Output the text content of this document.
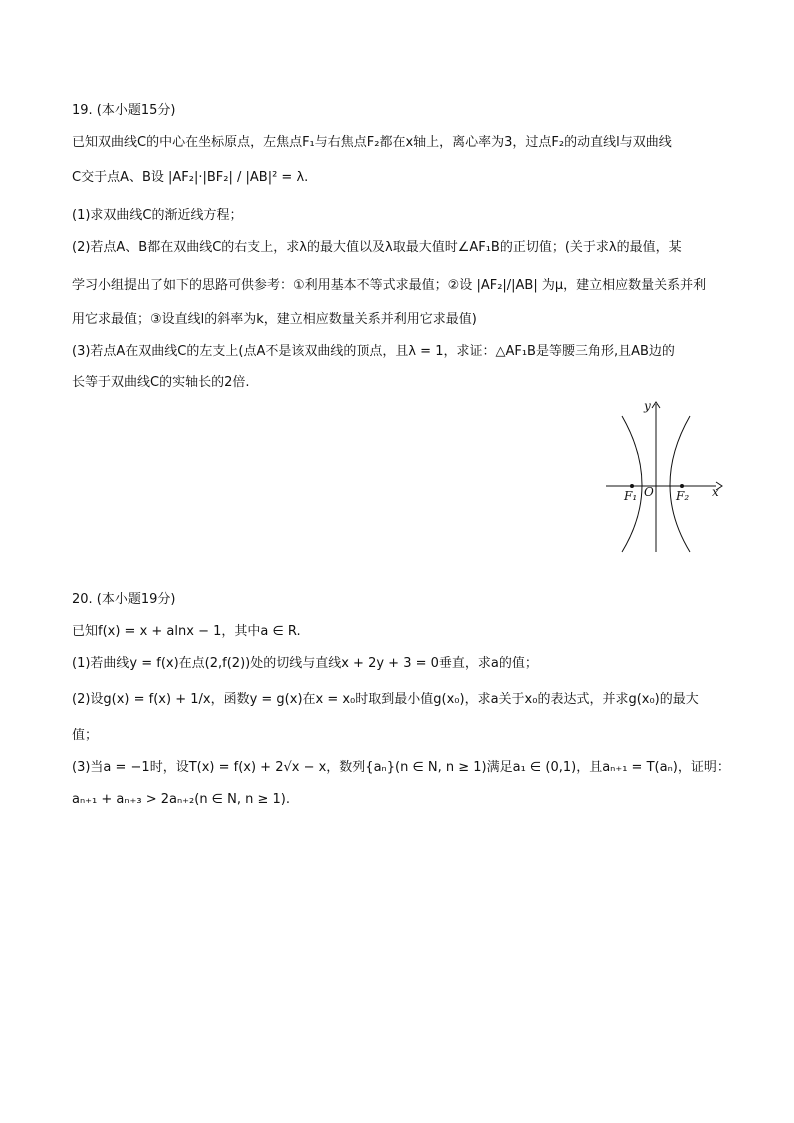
19. (本小题15分)
已知双曲线C的中心在坐标原点，左焦点F₁与右焦点F₂都在x轴上，离心率为3，过点F₂的动直线l与双曲线
C交于点A、B设 |AF₂|·|BF₂| / |AB|² = λ.
(1)求双曲线C的渐近线方程；
(2)若点A、B都在双曲线C的右支上，求λ的最大值以及λ取最大值时∠AF₁B的正切值；(关于求λ的最值，某
学习小组提出了如下的思路可供参考：①利用基本不等式求最值；②设 |AF₂|/|AB| 为μ，建立相应数量关系并利
用它求最值；③设直线l的斜率为k，建立相应数量关系并利用它求最值)
(3)若点A在双曲线C的左支上(点A不是该双曲线的顶点，且λ = 1，求证：△AF₁B是等腰三角形,且AB边的
长等于双曲线C的实轴长的2倍.
y
x
O
F₁	F₂
20. (本小题19分)
已知f(x) = x + alnx − 1，其中a ∈ R.
(1)若曲线y = f(x)在点(2,f(2))处的切线与直线x + 2y + 3 = 0垂直，求a的值；
(2)设g(x) = f(x) + 1/x，函数y = g(x)在x = x₀时取到最小值g(x₀)，求a关于x₀的表达式，并求g(x₀)的最大
值；
(3)当a = −1时，设T(x) = f(x) + 2√x − x，数列{aₙ}(n ∈ N, n ≥ 1)满足a₁ ∈ (0,1)，且aₙ₊₁ = T(aₙ)，证明：
aₙ₊₁ + aₙ₊₃ > 2aₙ₊₂(n ∈ N, n ≥ 1).
